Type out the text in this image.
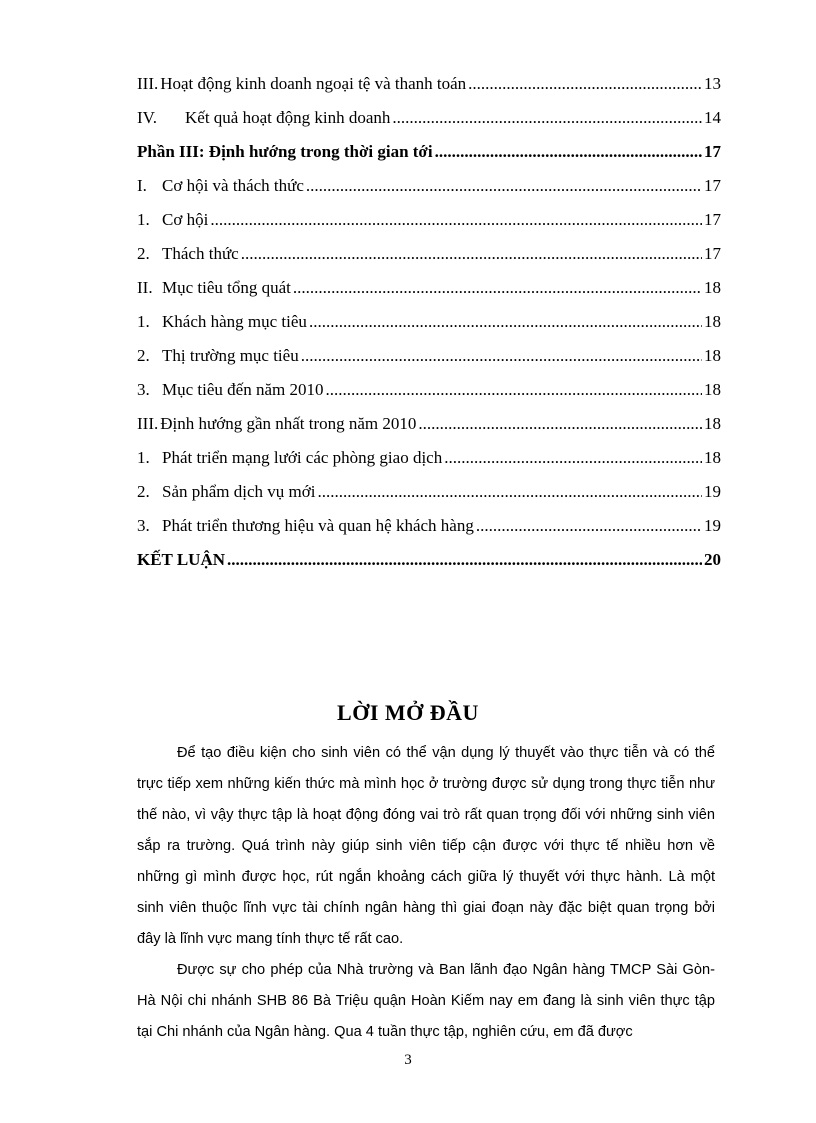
III. Hoạt động kinh doanh ngoại tệ và thanh toán .....	13
IV.	Kết quả hoạt động kinh doanh .....	14
Phần III: Định hướng trong thời gian tới .....	17
I. Cơ hội và thách thức .....	17
1. Cơ hội .....	17
2. Thách thức .....	17
II. Mục tiêu tổng quát .....	18
1. Khách hàng mục tiêu .....	18
2. Thị trường mục tiêu .....	18
3. Mục tiêu đến năm 2010 .....	18
III. Định hướng gần nhất trong năm 2010 .....	18
1. Phát triển mạng lưới các phòng giao dịch .....	18
2. Sản phẩm dịch vụ mới .....	19
3. Phát triển thương hiệu và quan hệ khách hàng .....	19
KẾT LUẬN .....	20
LỜI MỞ ĐẦU

Để tạo điều kiện cho sinh viên có thể vận dụng lý thuyết vào thực tiễn và có thể trực tiếp xem những kiến thức mà mình học ở trường được sử dụng trong thực tiễn như thế nào, vì vậy thực tập là hoạt động đóng vai trò rất quan trọng đối với những sinh viên sắp ra trường. Quá trình này giúp sinh viên tiếp cận được với thực tế nhiều hơn về những gì mình được học, rút ngắn khoảng cách giữa lý thuyết với thực hành. Là một sinh viên thuộc lĩnh vực tài chính ngân hàng thì giai đoạn này đặc biệt quan trọng bởi đây là lĩnh vực mang tính thực tế rất cao.

Được sự cho phép của Nhà trường và Ban lãnh đạo Ngân hàng TMCP Sài Gòn-Hà Nội chi nhánh SHB 86 Bà Triệu quận Hoàn Kiếm nay em đang là sinh viên thực tập tại Chi nhánh của Ngân hàng. Qua 4 tuần thực tập, nghiên cứu, em đã được

3
